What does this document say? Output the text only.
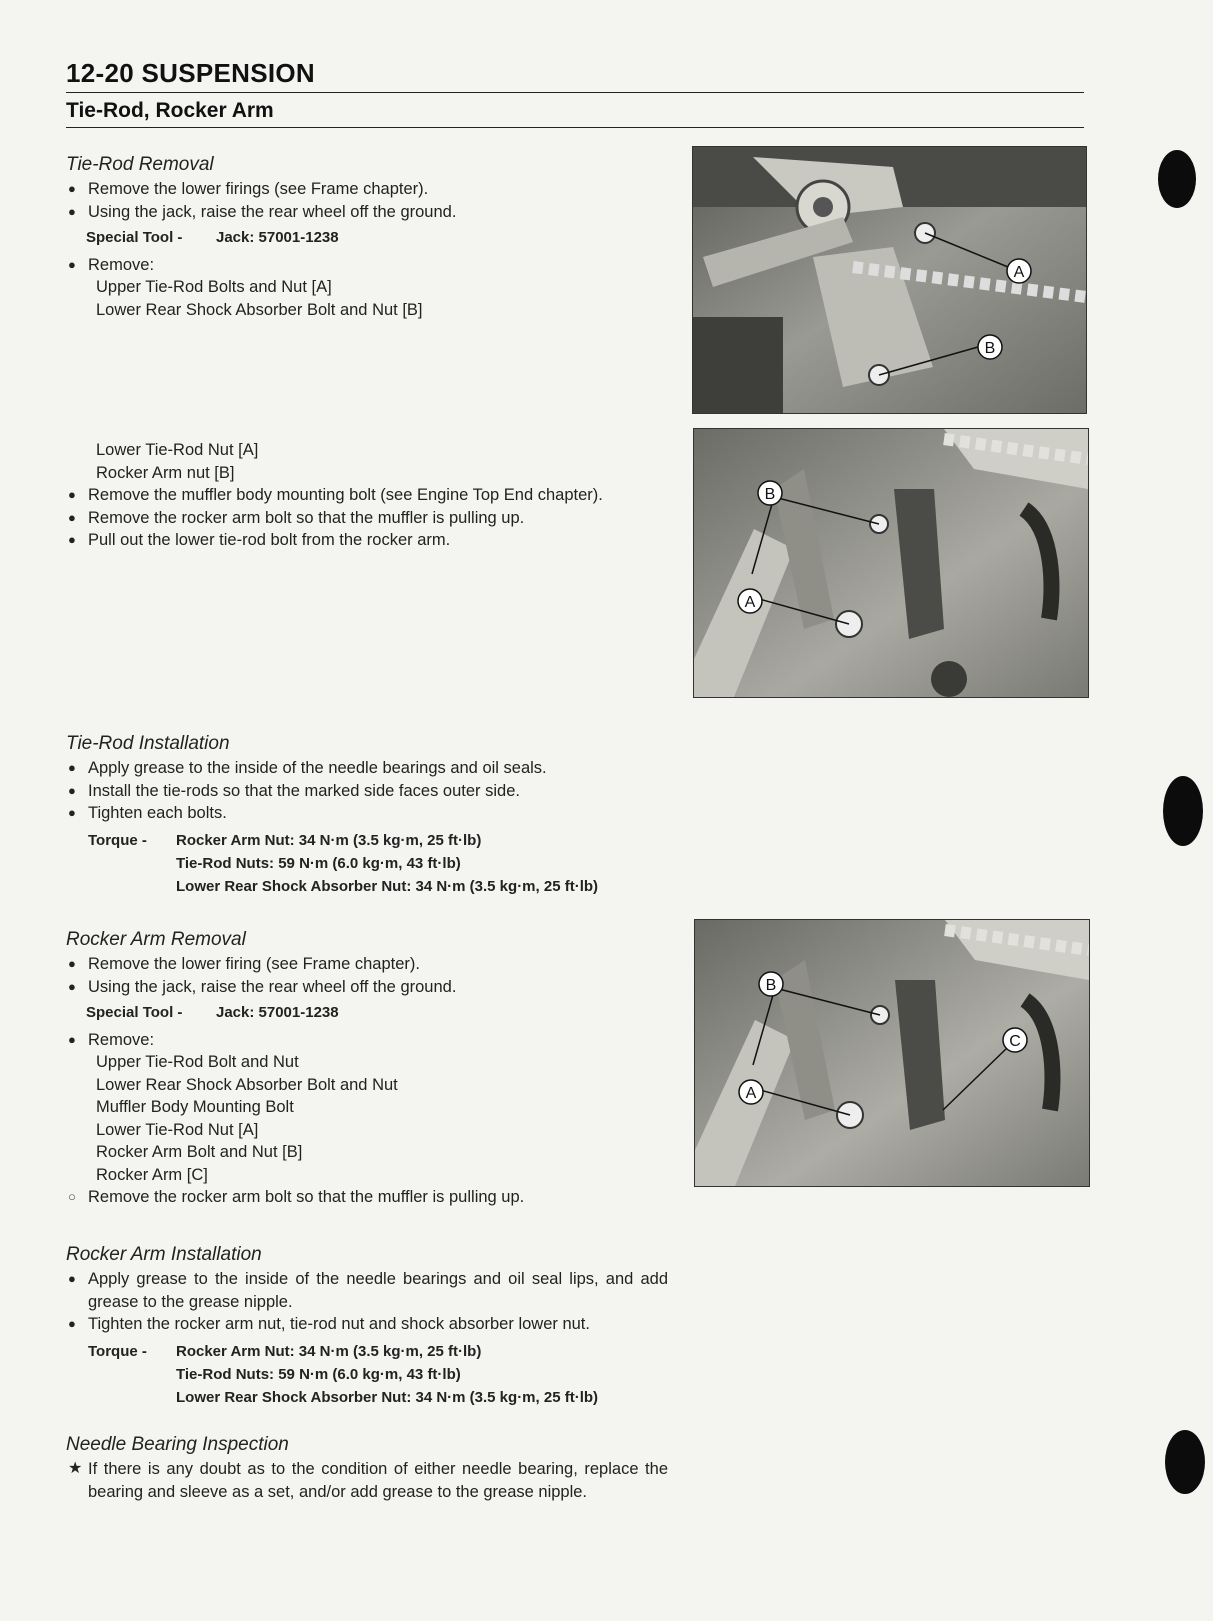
12-20 SUSPENSION
Tie-Rod, Rocker Arm
Tie-Rod Removal
● Remove the lower firings (see Frame chapter).
● Using the jack, raise the rear wheel off the ground.
Special Tool - Jack: 57001-1238
● Remove:
Upper Tie-Rod Bolts and Nut [A]
Lower Rear Shock Absorber Bolt and Nut [B]
Lower Tie-Rod Nut [A]
Rocker Arm nut [B]
● Remove the muffler body mounting bolt (see Engine Top End chapter).
● Remove the rocker arm bolt so that the muffler is pulling up.
● Pull out the lower tie-rod bolt from the rocker arm.
Tie-Rod Installation
● Apply grease to the inside of the needle bearings and oil seals.
● Install the tie-rods so that the marked side faces outer side.
● Tighten each bolts.
Torque -	Rocker Arm Nut: 34 N·m (3.5 kg·m, 25 ft·lb)
Tie-Rod Nuts: 59 N·m (6.0 kg·m, 43 ft·lb)
Lower Rear Shock Absorber Nut: 34 N·m (3.5 kg·m, 25 ft·lb)
Rocker Arm Removal
● Remove the lower firing (see Frame chapter).
● Using the jack, raise the rear wheel off the ground.
Special Tool - Jack: 57001-1238
● Remove:
Upper Tie-Rod Bolt and Nut
Lower Rear Shock Absorber Bolt and Nut
Muffler Body Mounting Bolt
Lower Tie-Rod Nut [A]
Rocker Arm Bolt and Nut [B]
Rocker Arm [C]
○ Remove the rocker arm bolt so that the muffler is pulling up.
Rocker Arm Installation
● Apply grease to the inside of the needle bearings and oil seal lips, and add grease to the grease nipple.
● Tighten the rocker arm nut, tie-rod nut and shock absorber lower nut.
Torque -	Rocker Arm Nut: 34 N·m (3.5 kg·m, 25 ft·lb)
Tie-Rod Nuts: 59 N·m (6.0 kg·m, 43 ft·lb)
Lower Rear Shock Absorber Nut: 34 N·m (3.5 kg·m, 25 ft·lb)
Needle Bearing Inspection
★ If there is any doubt as to the condition of either needle bearing, replace the bearing and sleeve as a set, and/or add grease to the grease nipple.
A
B
B
A
B
A
C
